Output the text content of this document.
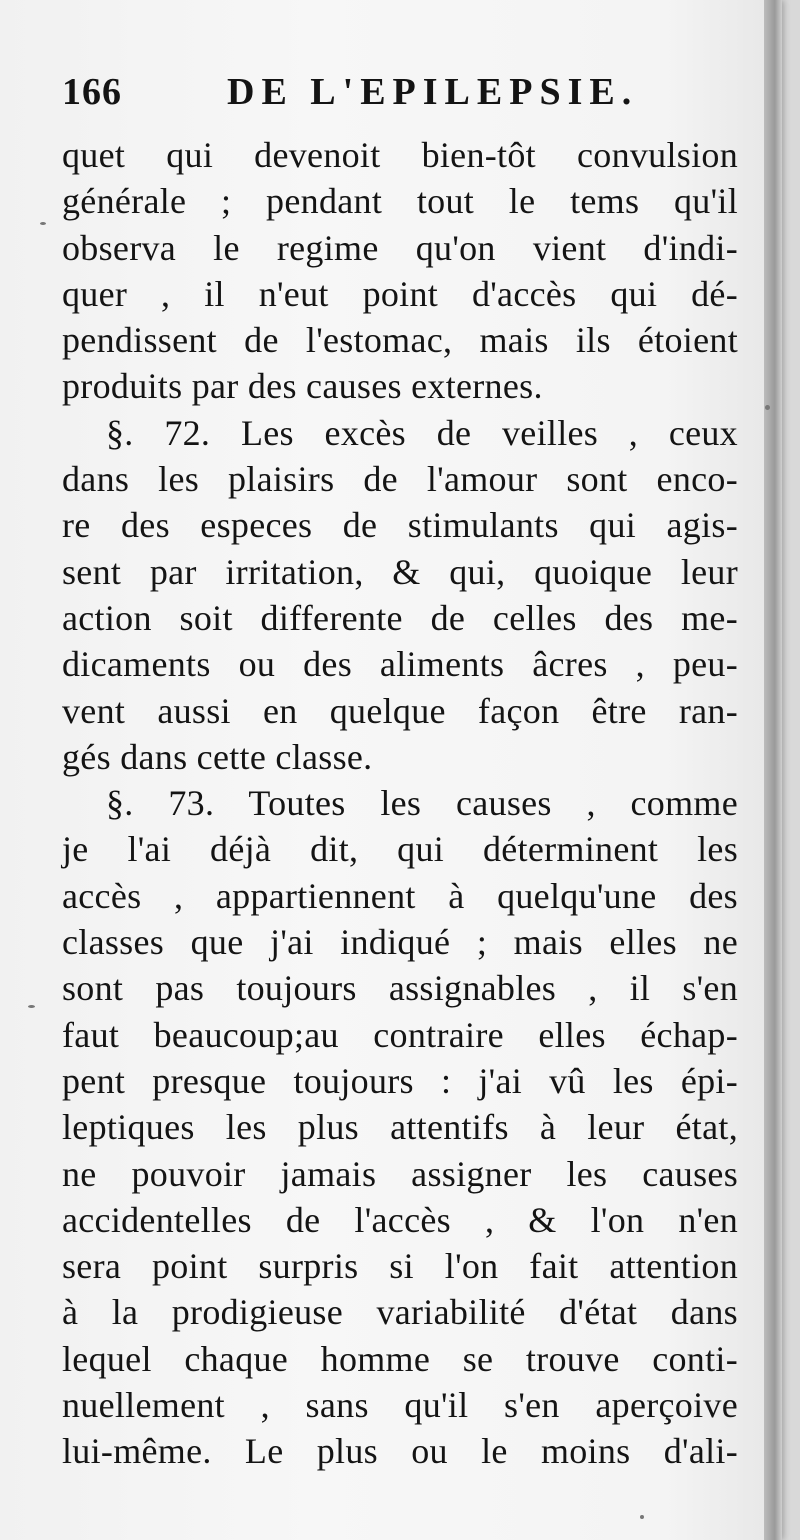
166	DE L'EPILEPSIE.
quet qui devenoit bien-tôt convulsion
générale ; pendant tout le tems qu'il
observa le regime qu'on vient d'indi-
quer , il n'eut point d'accès qui dé-
pendissent de l'estomac, mais ils étoient
produits par des causes externes.
§. 72. Les excès de veilles , ceux
dans les plaisirs de l'amour sont enco-
re des especes de stimulants qui agis-
sent par irritation, & qui, quoique leur
action soit differente de celles des me-
dicaments ou des aliments âcres , peu-
vent aussi en quelque façon être ran-
gés dans cette classe.
§. 73. Toutes les causes , comme
je l'ai déjà dit, qui déterminent les
accès , appartiennent à quelqu'une des
classes que j'ai indiqué ; mais elles ne
sont pas toujours assignables , il s'en
faut beaucoup;au contraire elles échap-
pent presque toujours : j'ai vû les épi-
leptiques les plus attentifs à leur état,
ne pouvoir jamais assigner les causes
accidentelles de l'accès , & l'on n'en
sera point surpris si l'on fait attention
à la prodigieuse variabilité d'état dans
lequel chaque homme se trouve conti-
nuellement , sans qu'il s'en aperçoive
lui-même. Le plus ou le moins d'ali-
